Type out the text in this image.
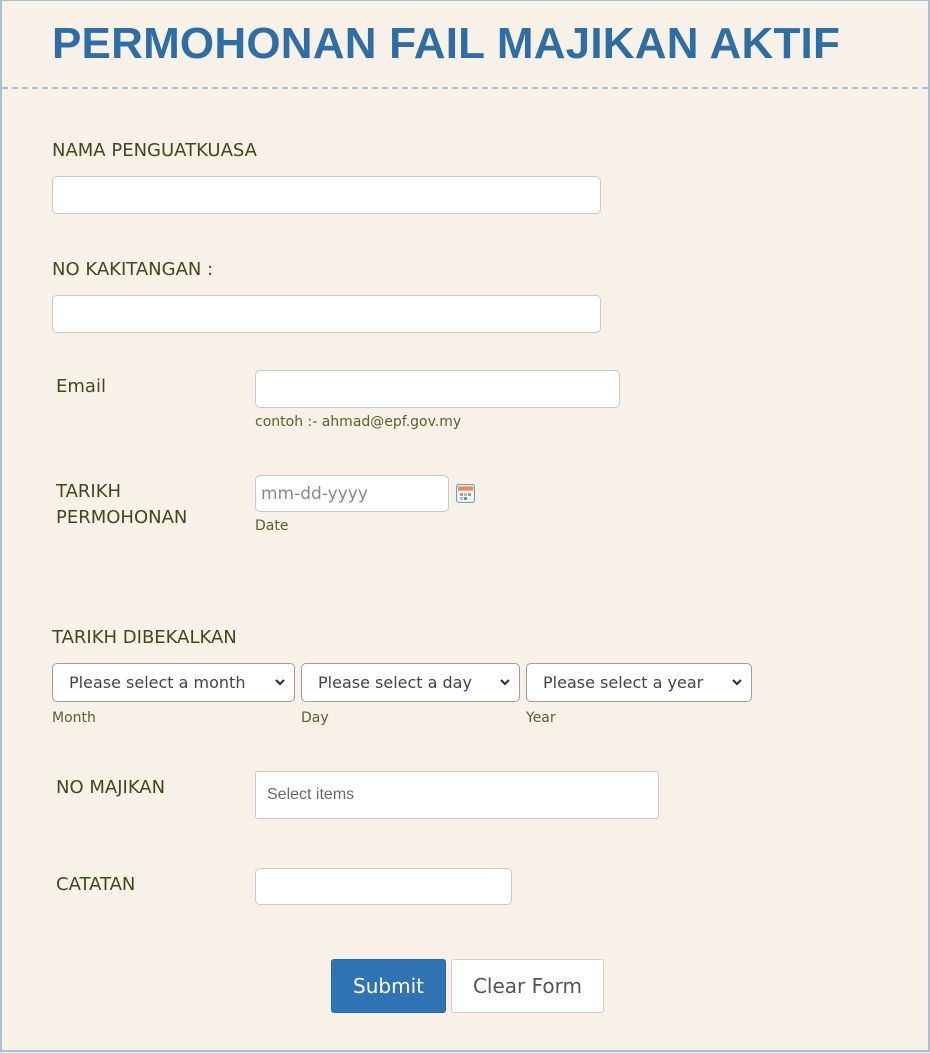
PERMOHONAN FAIL MAJIKAN AKTIF
NAMA PENGUATKUASA
NO KAKITANGAN :
Email
contoh :- ahmad@epf.gov.my
TARIKH
PERMOHONAN
mm-dd-yyyy	Date
TARIKH DIBEKALKAN
Please select a month	Please select a day	Please select a year
Month	Day	Year
NO MAJIKAN	Select items
CATATAN
Submit	Clear Form
